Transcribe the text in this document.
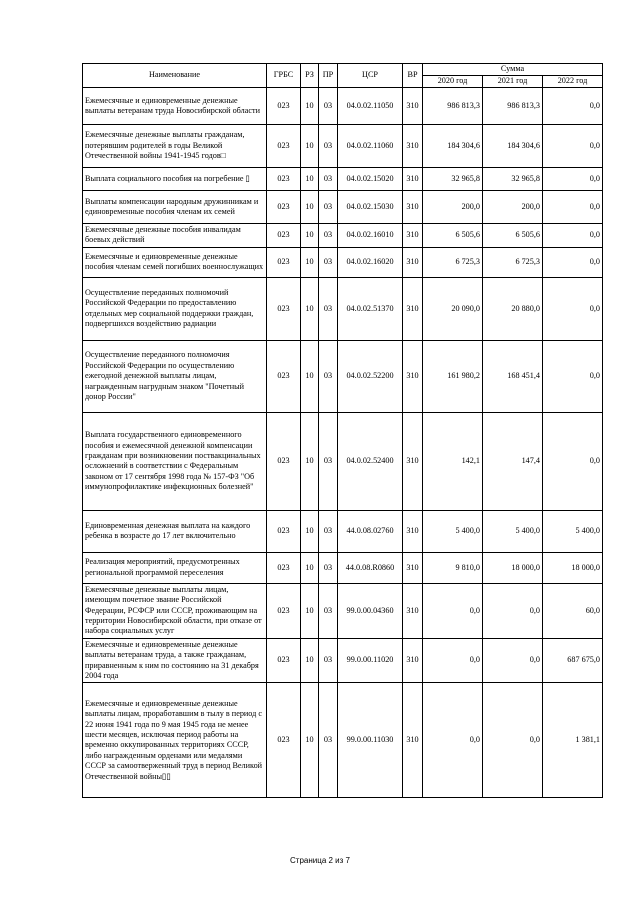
Наименование	ГРБС	РЗ	ПР	ЦСР	ВР	Сумма		
						2020 год	2021 год	2022 год
Ежемесячные и единовременные денежные выплаты ветеранам труда Новосибирской области	023	10	03	04.0.02.11050	310	986 813,3	986 813,3	0,0
Ежемесячные денежные выплаты гражданам, потерявшим родителей в годы Великой Отечественной войны 1941-1945 годов□	023	10	03	04.0.02.11060	310	184 304,6	184 304,6	0,0
Выплата социального пособия на погребение ▯	023	10	03	04.0.02.15020	310	32 965,8	32 965,8	0,0
Выплаты компенсации народным дружинникам и единовременные пособия членам их семей	023	10	03	04.0.02.15030	310	200,0	200,0	0,0
Ежемесячные денежные пособия инвалидам боевых действий	023	10	03	04.0.02.16010	310	6 505,6	6 505,6	0,0
Ежемесячные и единовременные денежные пособия членам семей погибших военнослужащих	023	10	03	04.0.02.16020	310	6 725,3	6 725,3	0,0
Осуществление переданных полномочий Российской Федерации по предоставлению отдельных мер социальной поддержки граждан, подвергшихся воздействию радиации	023	10	03	04.0.02.51370	310	20 090,0	20 880,0	0,0
Осуществление переданного полномочия Российской Федерации по осуществлению ежегодной денежной выплаты лицам, награжденным нагрудным знаком "Почетный донор России"	023	10	03	04.0.02.52200	310	161 980,2	168 451,4	0,0
Выплата государственного единовременного пособия и ежемесячной денежной компенсации гражданам при возникновении поствакцинальных осложнений в соответствии с Федеральным законом от 17 сентября 1998 года № 157-ФЗ "Об иммунопрофилактике инфекционных болезней"	023	10	03	04.0.02.52400	310	142,1	147,4	0,0
Единовременная денежная выплата на каждого ребенка в возрасте до 17 лет включительно	023	10	03	44.0.08.02760	310	5 400,0	5 400,0	5 400,0
Реализация мероприятий, предусмотренных региональной программой переселения	023	10	03	44.0.08.R0860	310	9 810,0	18 000,0	18 000,0
Ежемесячные денежные выплаты лицам, имеющим почетное звание Российской Федерации, РСФСР или СССР, проживающим на территории Новосибирской области, при отказе от набора социальных услуг	023	10	03	99.0.00.04360	310	0,0	0,0	60,0
Ежемесячные и единовременные денежные выплаты ветеранам труда, а также гражданам, приравненным к ним по состоянию на 31 декабря 2004 года	023	10	03	99.0.00.11020	310	0,0	0,0	687 675,0
Ежемесячные и единовременные денежные выплаты лицам, проработавшим в тылу в период с 22 июня 1941 года по 9 мая 1945 года не менее шести месяцев, исключая период работы на временно оккупированных территориях СССР, либо награжденным орденами или медалями СССР за самоотверженный труд в период Великой Отечественной войны▯▯	023	10	03	99.0.00.11030	310	0,0	0,0	1 381,1
Страница 2 из 7
